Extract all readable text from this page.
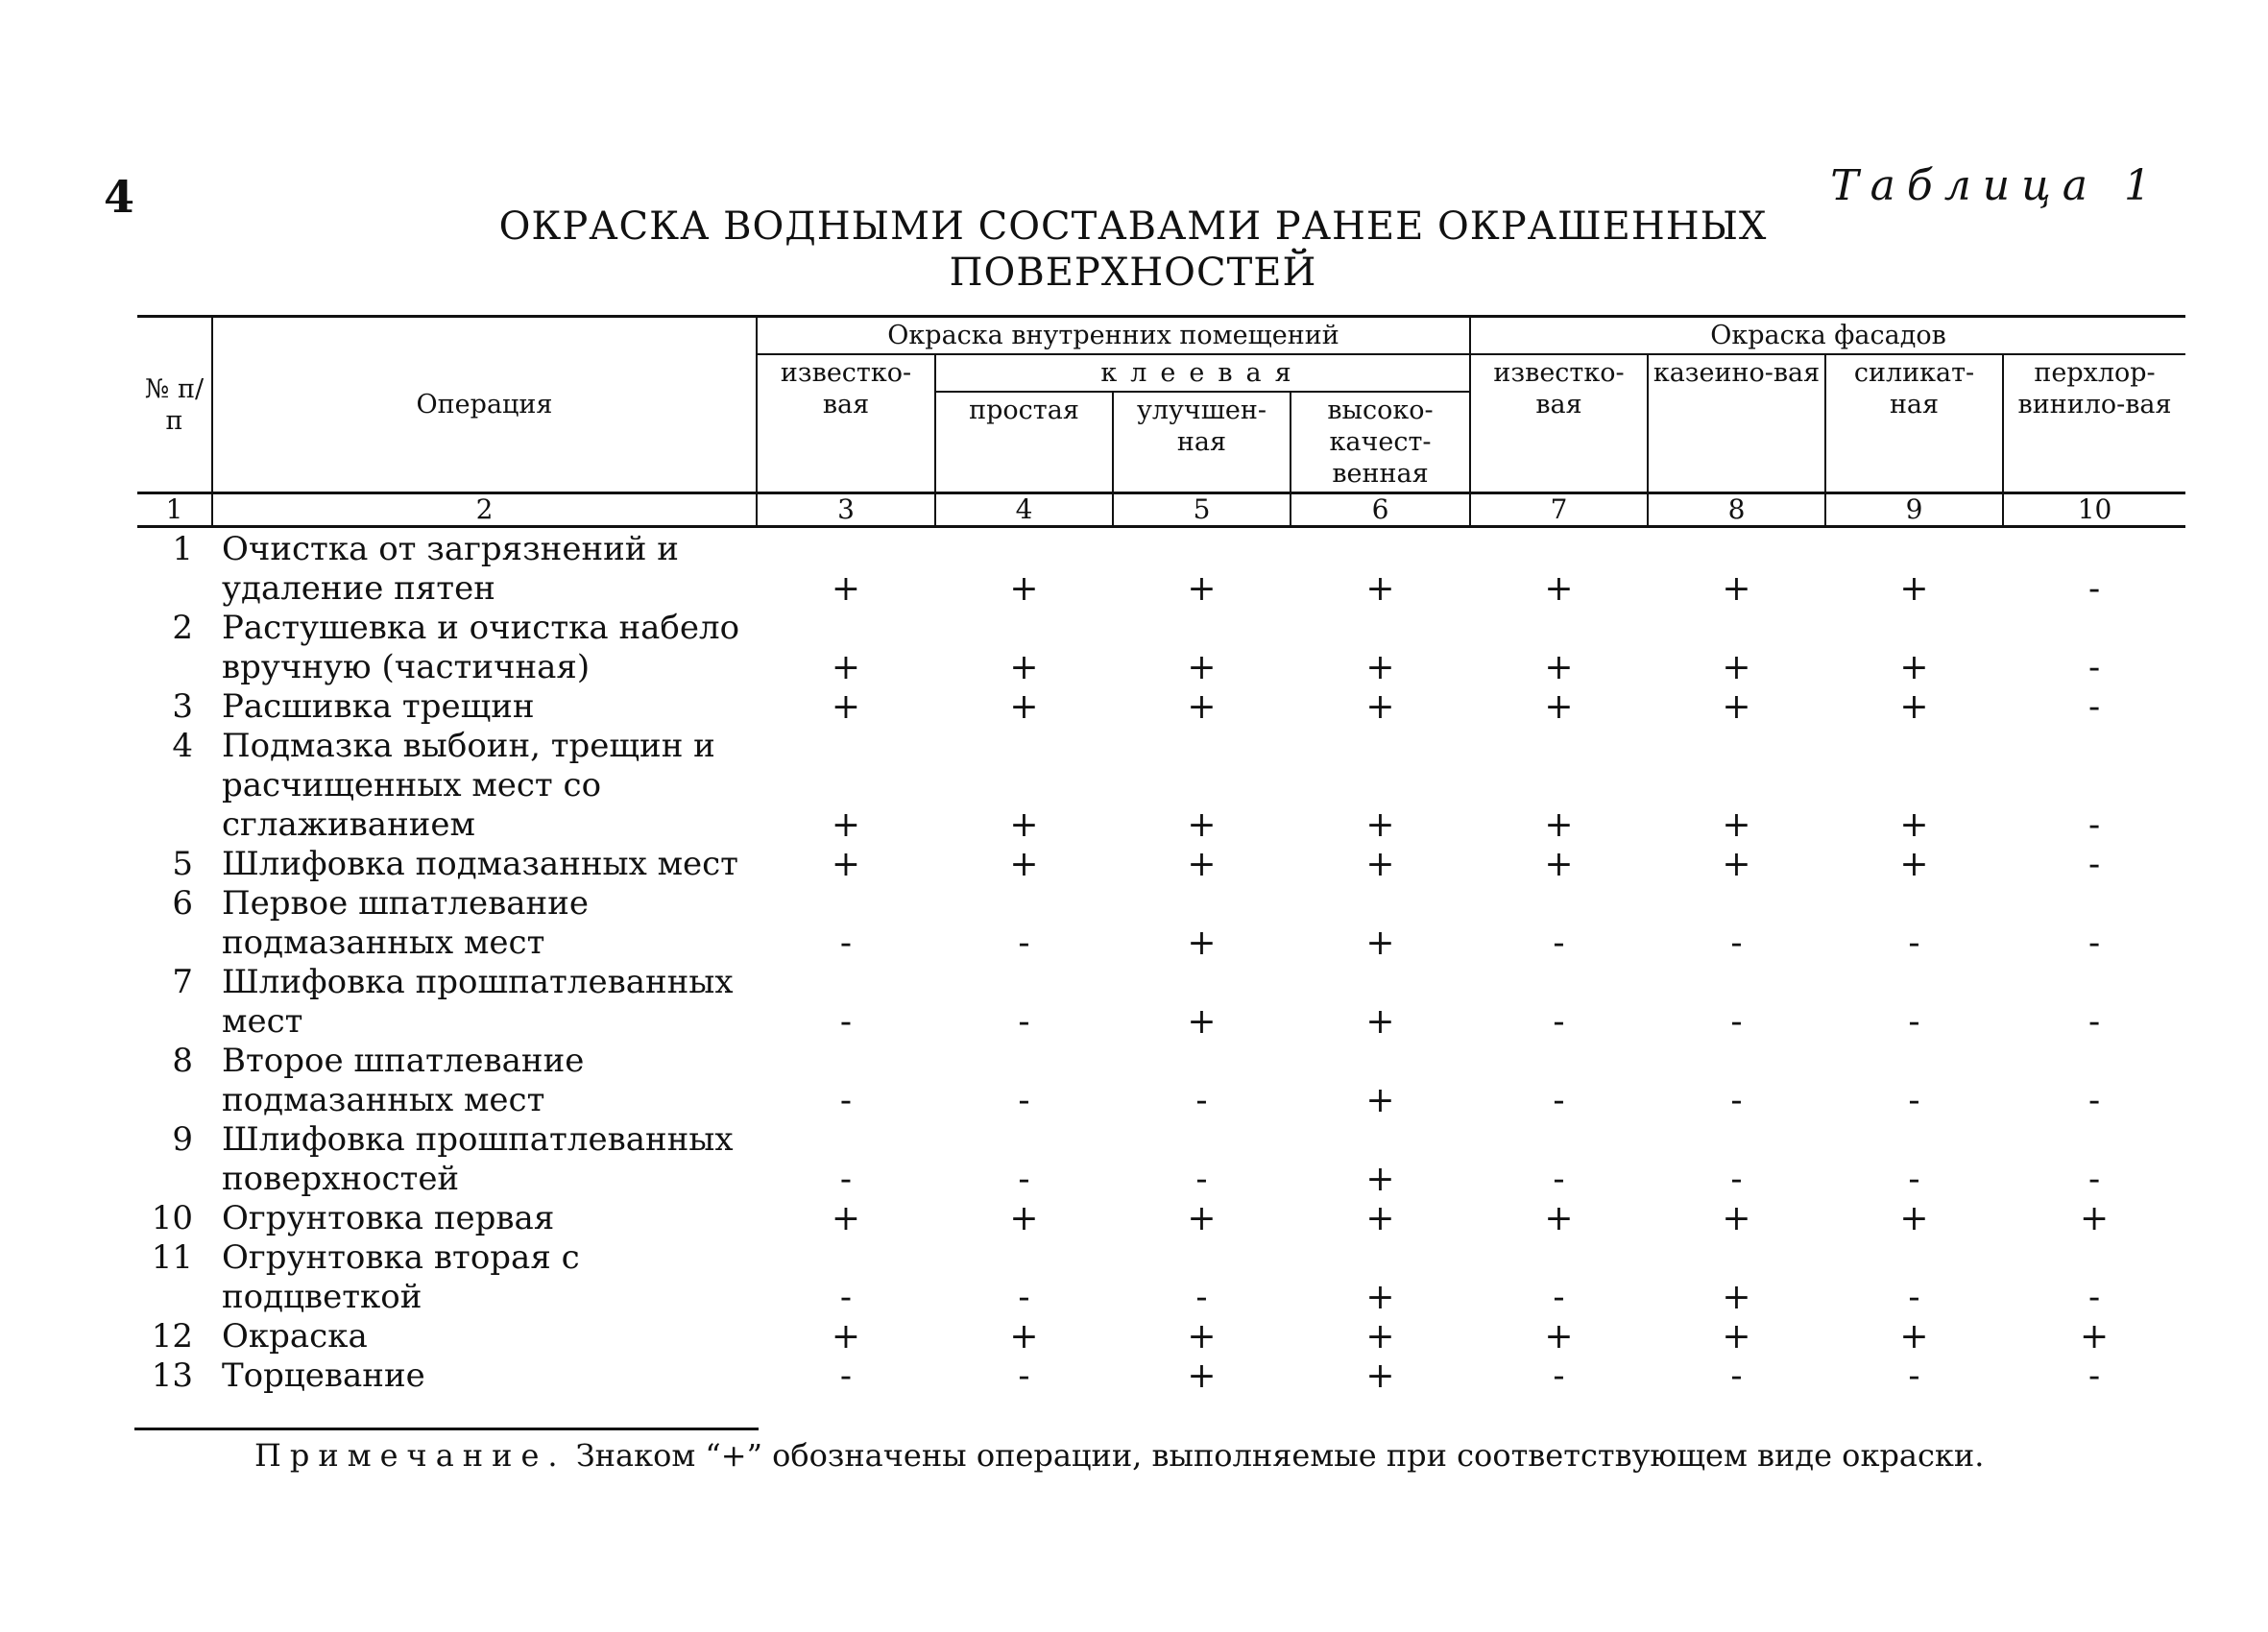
4	Таблица 1
ОКРАСКА ВОДНЫМИ СОСТАВАМИ РАНЕЕ ОКРАШЕННЫХ
ПОВЕРХНОСТЕЙ
№ п/п	Операция	Окраска внутренних помещений				Окраска фасадов			
		известко-вая	клеевая			известко-вая	казеино-вая	силикат-ная	перхлор-винило-вая
			простая	улучшен-ная	высоко-качест-венная				
1	2	3	4	5	6	7	8	9	10
1	Очистка от загрязнений и удаление пятен	+	+	+	+	+	+	+	-
2	Растушевка и очистка набело вручную (частичная)	+	+	+	+	+	+	+	-
3	Расшивка трещин	+	+	+	+	+	+	+	-
4	Подмазка выбоин, трещин и расчищенных мест со сглаживанием	+	+	+	+	+	+	+	-
5	Шлифовка подмазанных мест	+	+	+	+	+	+	+	-
6	Первое шпатлевание подмазанных мест	-	-	+	+	-	-	-	-
7	Шлифовка прошпатлеванных мест	-	-	+	+	-	-	-	-
8	Второе шпатлевание подмазанных мест	-	-	-	+	-	-	-	-
9	Шлифовка прошпатлеванных поверхностей	-	-	-	+	-	-	-	-
10	Огрунтовка первая	+	+	+	+	+	+	+	+
11	Огрунтовка вторая с подцветкой	-	-	-	+	-	+	-	-
12	Окраска	+	+	+	+	+	+	+	+
13	Торцевание	-	-	+	+	-	-	-	-
Примечание. Знаком “+” обозначены операции, выполняемые при соответствующем виде окраски.
